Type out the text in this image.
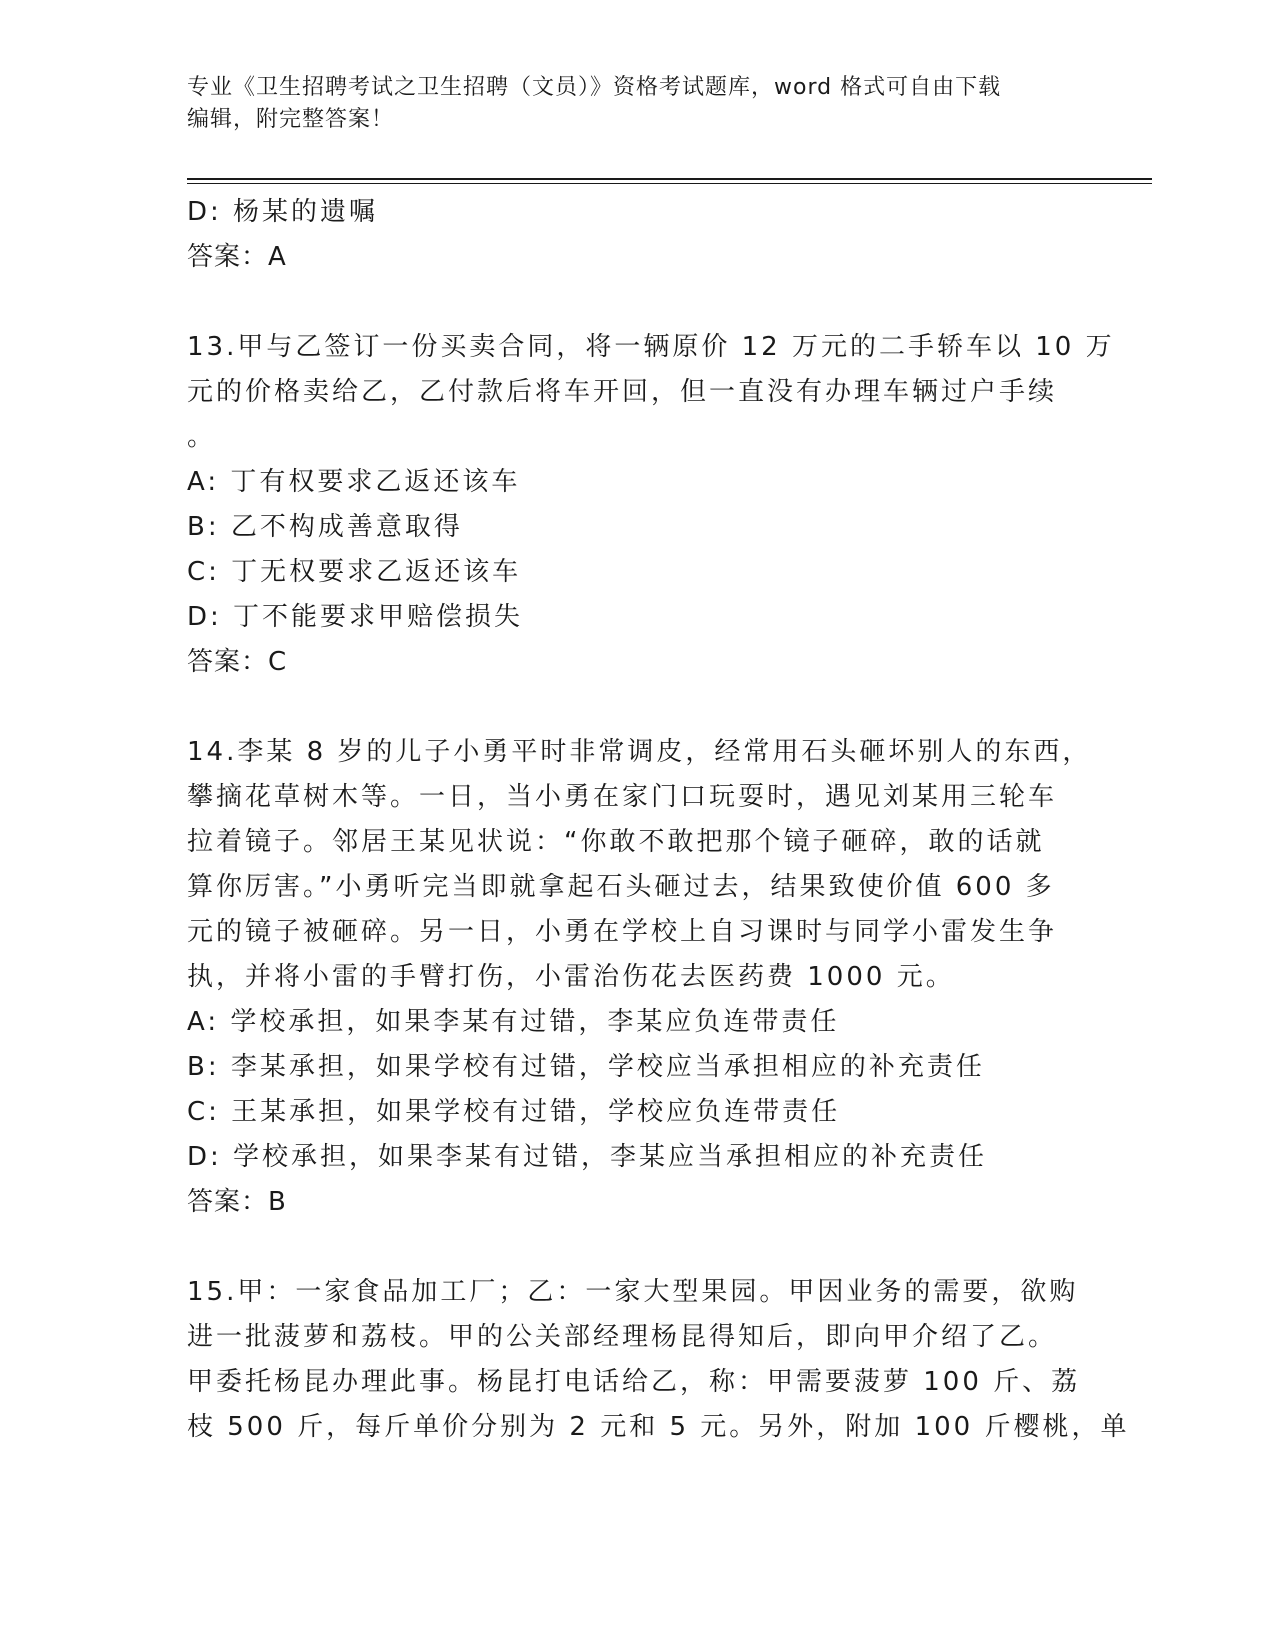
专业《卫生招聘考试之卫生招聘（文员）》资格考试题库，word 格式可自由下载
编辑，附完整答案！
D: 杨某的遗嘱
答案：A
13.甲与乙签订一份买卖合同，将一辆原价 12 万元的二手轿车以 10 万
元的价格卖给乙，乙付款后将车开回，但一直没有办理车辆过户手续
。
A: 丁有权要求乙返还该车
B: 乙不构成善意取得
C: 丁无权要求乙返还该车
D: 丁不能要求甲赔偿损失
答案：C
14.李某 8 岁的儿子小勇平时非常调皮，经常用石头砸坏别人的东西，
攀摘花草树木等。一日，当小勇在家门口玩耍时，遇见刘某用三轮车
拉着镜子。邻居王某见状说：“你敢不敢把那个镜子砸碎，敢的话就
算你厉害。”小勇听完当即就拿起石头砸过去，结果致使价值 600 多
元的镜子被砸碎。另一日，小勇在学校上自习课时与同学小雷发生争
执，并将小雷的手臂打伤，小雷治伤花去医药费 1000 元。
A: 学校承担，如果李某有过错，李某应负连带责任
B: 李某承担，如果学校有过错，学校应当承担相应的补充责任
C: 王某承担，如果学校有过错，学校应负连带责任
D: 学校承担，如果李某有过错，李某应当承担相应的补充责任
答案：B
15.甲：一家食品加工厂；乙：一家大型果园。甲因业务的需要，欲购
进一批菠萝和荔枝。甲的公关部经理杨昆得知后，即向甲介绍了乙。
甲委托杨昆办理此事。杨昆打电话给乙，称：甲需要菠萝 100 斤、荔
枝 500 斤，每斤单价分别为 2 元和 5 元。另外，附加 100 斤樱桃，单
